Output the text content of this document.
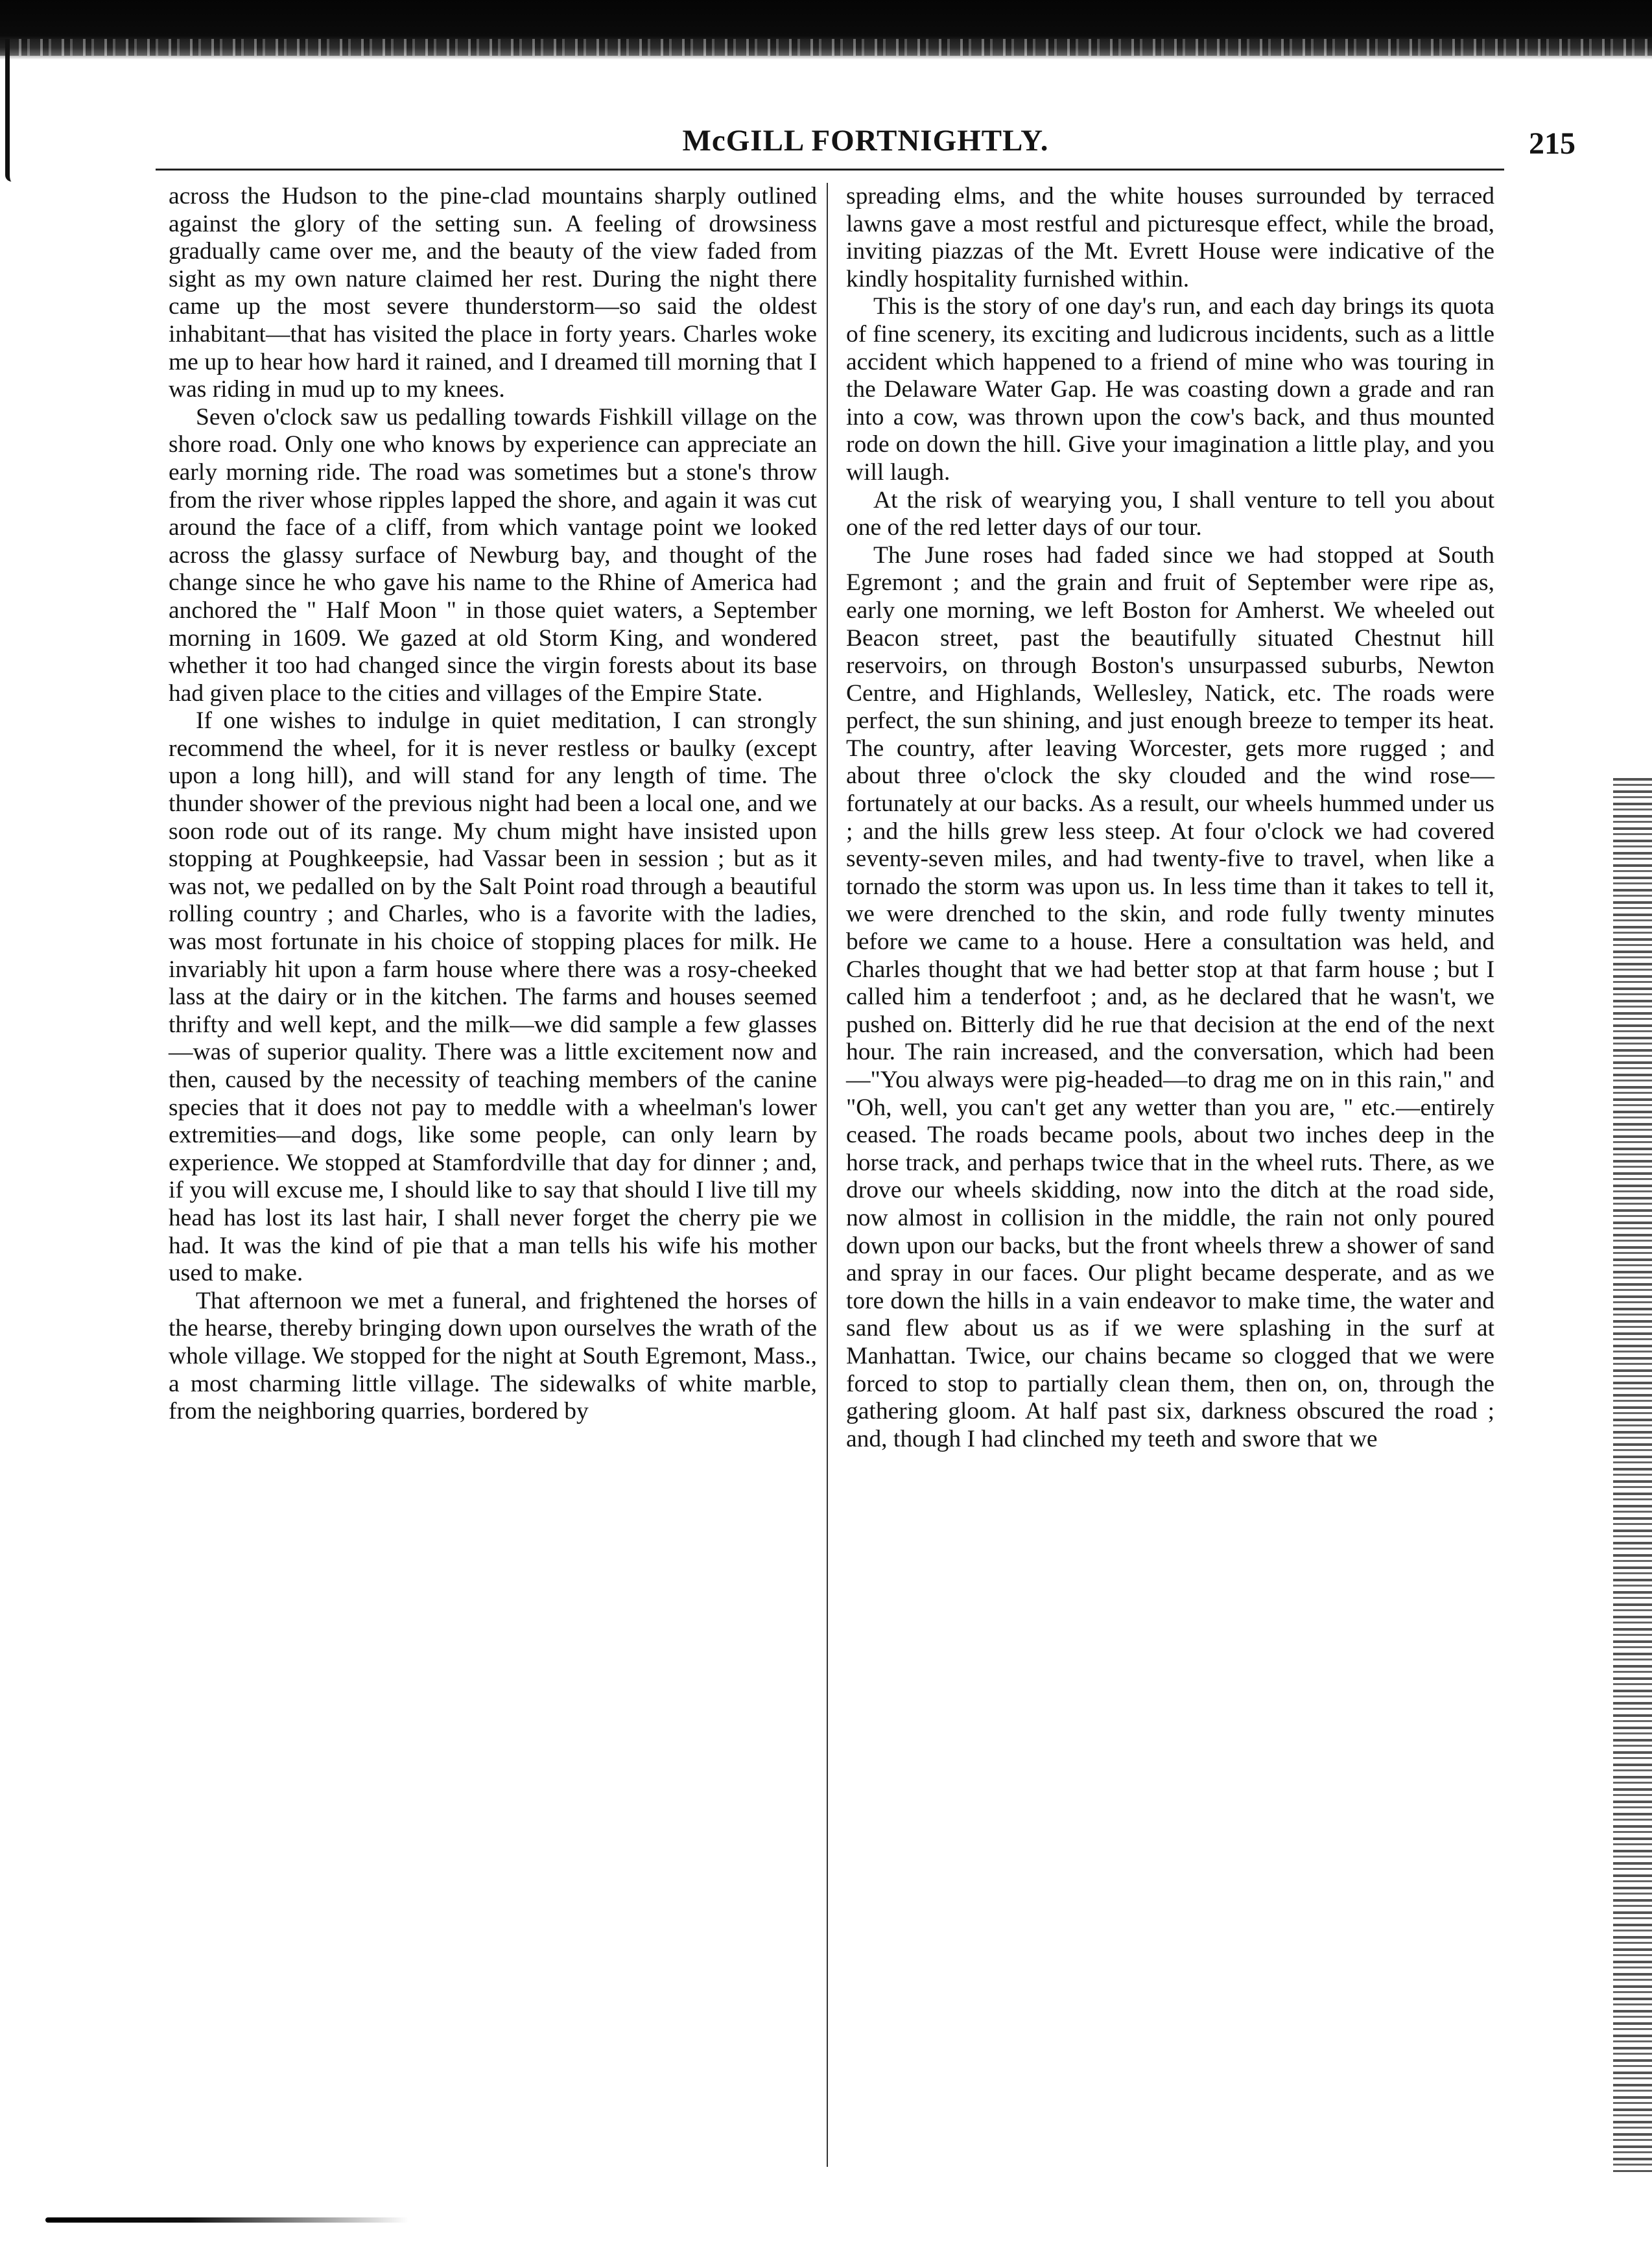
McGILL FORTNIGHTLY.	215

across the Hudson to the pine-clad mountains sharply outlined against the glory of the setting sun. A feeling of drowsiness gradually came over me, and the beauty of the view faded from sight as my own nature claimed her rest. During the night there came up the most severe thunderstorm—so said the oldest inhabitant—that has visited the place in forty years. Charles woke me up to hear how hard it rained, and I dreamed till morning that I was riding in mud up to my knees.

Seven o'clock saw us pedalling towards Fishkill village on the shore road. Only one who knows by experience can appreciate an early morning ride. The road was sometimes but a stone's throw from the river whose ripples lapped the shore, and again it was cut around the face of a cliff, from which vantage point we looked across the glassy surface of Newburg bay, and thought of the change since he who gave his name to the Rhine of America had anchored the " Half Moon " in those quiet waters, a September morning in 1609. We gazed at old Storm King, and wondered whether it too had changed since the virgin forests about its base had given place to the cities and villages of the Empire State.

If one wishes to indulge in quiet meditation, I can strongly recommend the wheel, for it is never restless or baulky (except upon a long hill), and will stand for any length of time. The thunder shower of the previous night had been a local one, and we soon rode out of its range. My chum might have insisted upon stopping at Poughkeepsie, had Vassar been in session ; but as it was not, we pedalled on by the Salt Point road through a beautiful rolling country ; and Charles, who is a favorite with the ladies, was most fortunate in his choice of stopping places for milk. He invariably hit upon a farm house where there was a rosy-cheeked lass at the dairy or in the kitchen. The farms and houses seemed thrifty and well kept, and the milk—we did sample a few glasses—was of superior quality. There was a little excitement now and then, caused by the necessity of teaching members of the canine species that it does not pay to meddle with a wheelman's lower extremities—and dogs, like some people, can only learn by experience. We stopped at Stamfordville that day for dinner ; and, if you will excuse me, I should like to say that should I live till my head has lost its last hair, I shall never forget the cherry pie we had. It was the kind of pie that a man tells his wife his mother used to make.

That afternoon we met a funeral, and frightened the horses of the hearse, thereby bringing down upon ourselves the wrath of the whole village. We stopped for the night at South Egremont, Mass., a most charming little village. The sidewalks of white marble, from the neighboring quarries, bordered by

spreading elms, and the white houses surrounded by terraced lawns gave a most restful and picturesque effect, while the broad, inviting piazzas of the Mt. Evrett House were indicative of the kindly hospitality furnished within.

This is the story of one day's run, and each day brings its quota of fine scenery, its exciting and ludicrous incidents, such as a little accident which happened to a friend of mine who was touring in the Delaware Water Gap. He was coasting down a grade and ran into a cow, was thrown upon the cow's back, and thus mounted rode on down the hill. Give your imagination a little play, and you will laugh.

At the risk of wearying you, I shall venture to tell you about one of the red letter days of our tour.

The June roses had faded since we had stopped at South Egremont ; and the grain and fruit of September were ripe as, early one morning, we left Boston for Amherst. We wheeled out Beacon street, past the beautifully situated Chestnut hill reservoirs, on through Boston's unsurpassed suburbs, Newton Centre, and Highlands, Wellesley, Natick, etc. The roads were perfect, the sun shining, and just enough breeze to temper its heat. The country, after leaving Worcester, gets more rugged ; and about three o'clock the sky clouded and the wind rose—fortunately at our backs. As a result, our wheels hummed under us ; and the hills grew less steep. At four o'clock we had covered seventy-seven miles, and had twenty-five to travel, when like a tornado the storm was upon us. In less time than it takes to tell it, we were drenched to the skin, and rode fully twenty minutes before we came to a house. Here a consultation was held, and Charles thought that we had better stop at that farm house ; but I called him a tenderfoot ; and, as he declared that he wasn't, we pushed on. Bitterly did he rue that decision at the end of the next hour. The rain increased, and the conversation, which had been—"You always were pig-headed—to drag me on in this rain," and "Oh, well, you can't get any wetter than you are, " etc.—entirely ceased. The roads became pools, about two inches deep in the horse track, and perhaps twice that in the wheel ruts. There, as we drove our wheels skidding, now into the ditch at the road side, now almost in collision in the middle, the rain not only poured down upon our backs, but the front wheels threw a shower of sand and spray in our faces. Our plight became desperate, and as we tore down the hills in a vain endeavor to make time, the water and sand flew about us as if we were splashing in the surf at Manhattan. Twice, our chains became so clogged that we were forced to stop to partially clean them, then on, on, through the gathering gloom. At half past six, darkness obscured the road ; and, though I had clinched my teeth and swore that we
